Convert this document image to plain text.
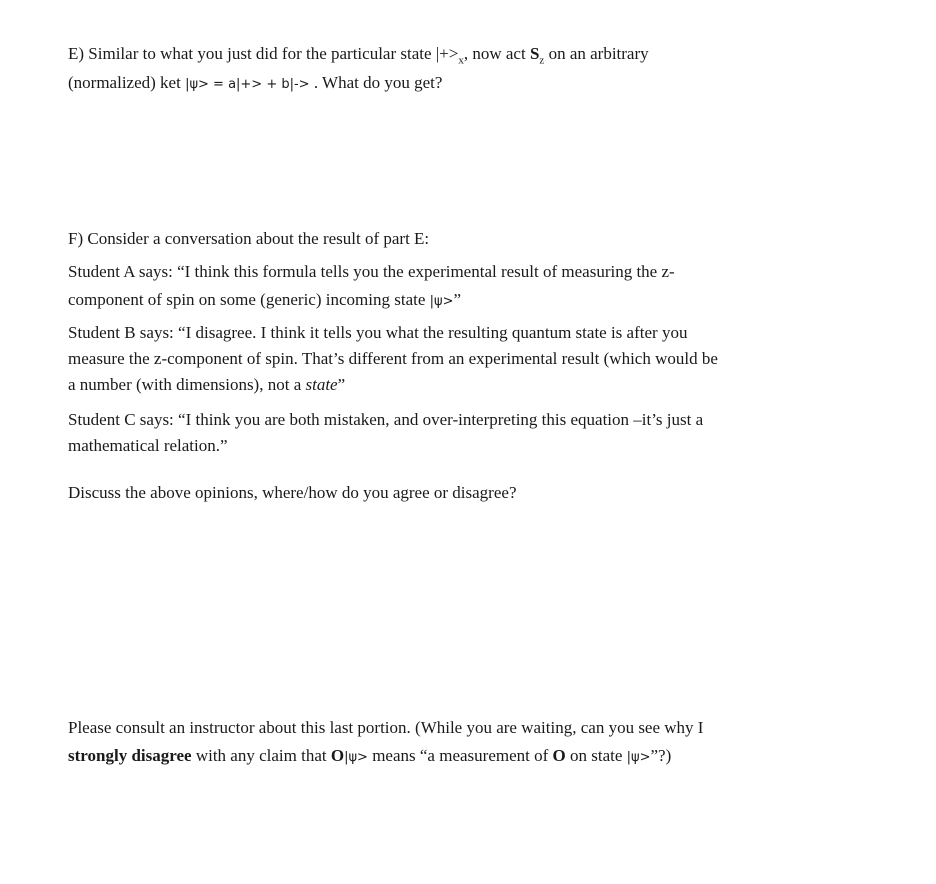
E) Similar to what you just did for the particular state $|+>_x$, now act $S_z$ on an arbitrary
(normalized) ket |ψ> = a|+> + b|-> . What do you get?
F) Consider a conversation about the result of part E:
Student A says: “I think this formula tells you the experimental result of measuring the z-
component of spin on some (generic) incoming state |ψ>”
Student B says: “I disagree. I think it tells you what the resulting quantum state is after you
measure the z-component of spin. That’s different from an experimental result (which would be
a number (with dimensions), not a state”
Student C says: “I think you are both mistaken, and over-interpreting this equation –it’s just a
mathematical relation.”
Discuss the above opinions, where/how do you agree or disagree?
Please consult an instructor about this last portion. (While you are waiting, can you see why I
strongly disagree with any claim that O|ψ> means “a measurement of O on state |ψ>”?)
